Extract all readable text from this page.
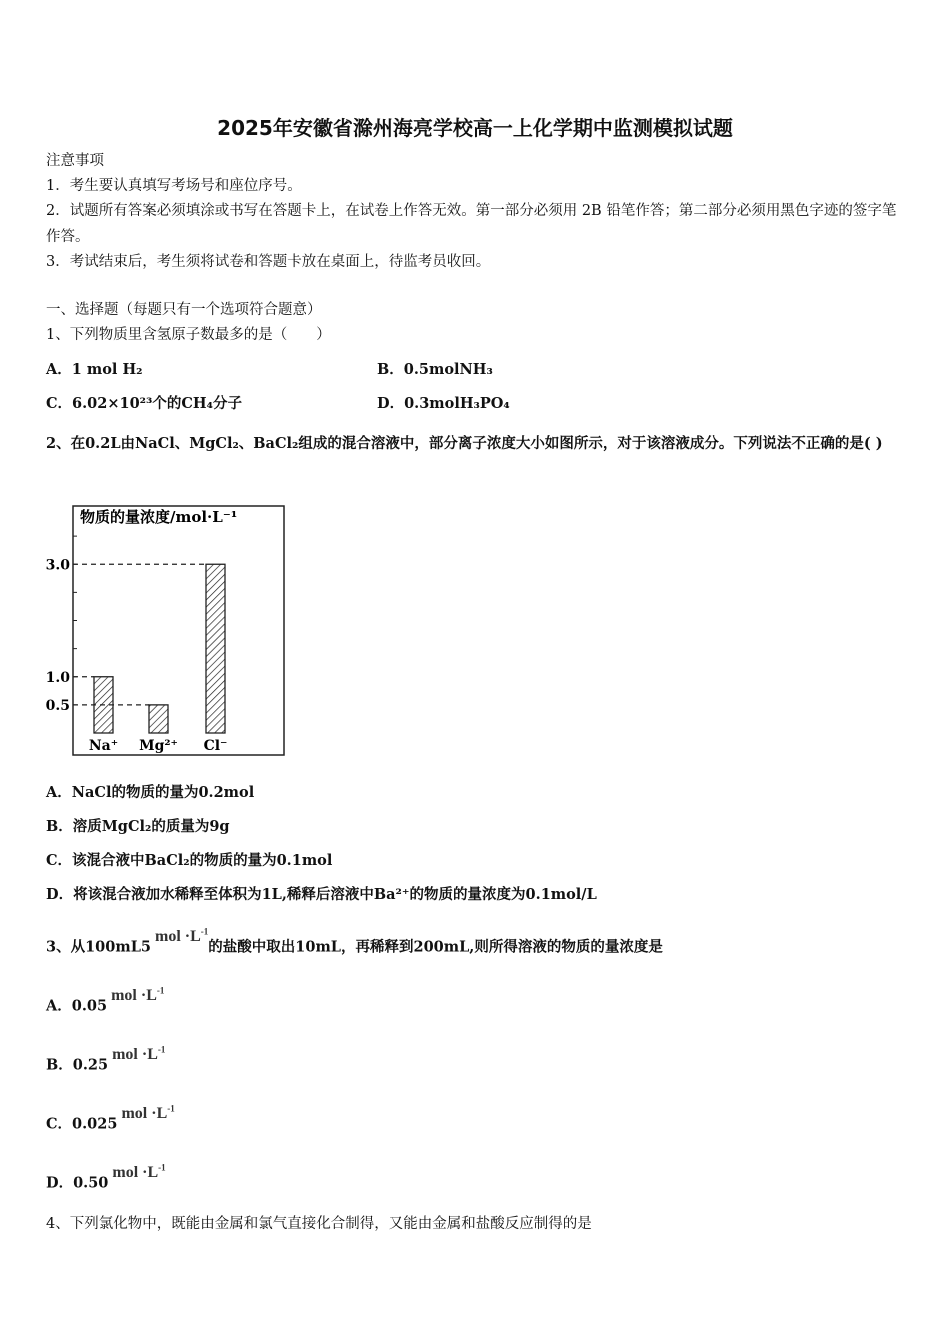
2025年安徽省滁州海亮学校高一上化学期中监测模拟试题
注意事项
1．考生要认真填写考场号和座位序号。
2．试题所有答案必须填涂或书写在答题卡上，在试卷上作答无效。第一部分必须用 2B 铅笔作答；第二部分必须用黑色字迹的签字笔作答。
3．考试结束后，考生须将试卷和答题卡放在桌面上，待监考员收回。
一、选择题（每题只有一个选项符合题意）
1、下列物质里含氢原子数最多的是（　　）
A．1 mol H₂	B．0.5molNH₃
C．6.02×10²³个的CH₄分子	D．0.3molH₃PO₄
2、在0.2L由NaCl、MgCl₂、BaCl₂组成的混合溶液中，部分离子浓度大小如图所示，对于该溶液成分。下列说法不正确的是( )
物质的量浓度/mol·L⁻¹
Na⁺ Mg²⁺ Cl⁻
3.0
1.0
0.5
A．NaCl的物质的量为0.2mol
B．溶质MgCl₂的质量为9g
C．该混合液中BaCl₂的物质的量为0.1mol
D．将该混合液加水稀释至体积为1L,稀释后溶液中Ba²⁺的物质的量浓度为0.1mol/L
3、从$100mL5mol \cdot L^{-1}$的盐酸中取出10mL，再稀释到200mL,则所得溶液的物质的量浓度是
A．$0.05mol \cdot L^{-1}$
B．$0.25mol \cdot L^{-1}$
C．$0.025mol \cdot L^{-1}$
D．$0.50mol \cdot L^{-1}$
4、下列氯化物中，既能由金属和氯气直接化合制得，又能由金属和盐酸反应制得的是
